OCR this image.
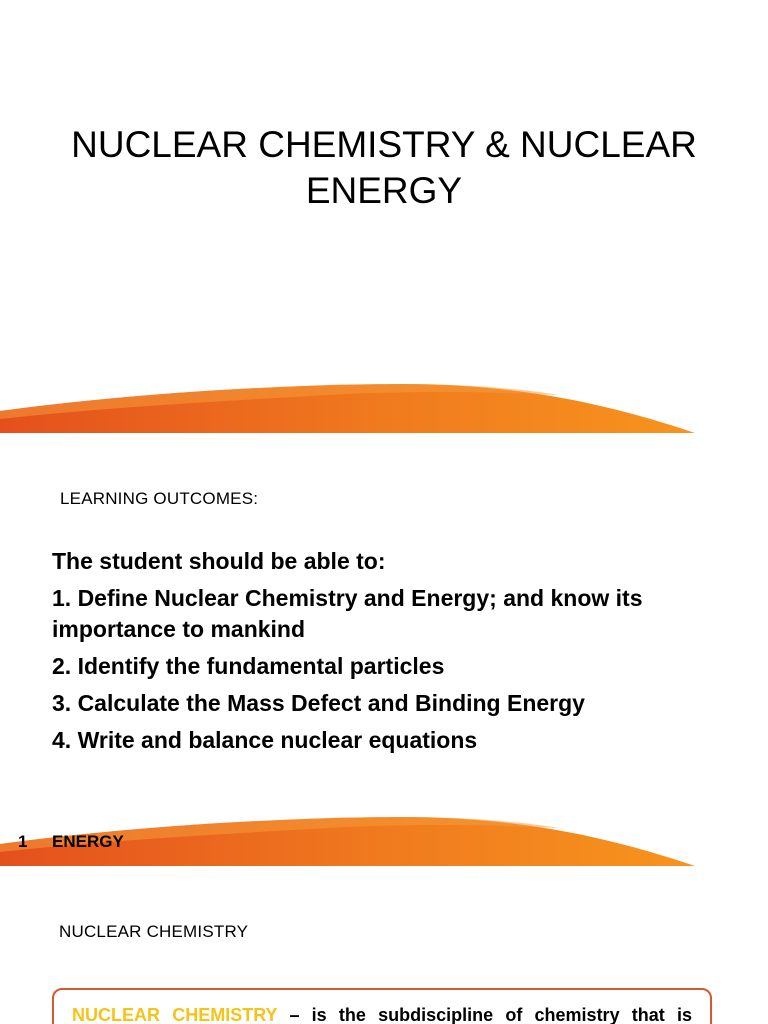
NUCLEAR CHEMISTRY & NUCLEAR
ENERGY
LEARNING OUTCOMES:

The student should be able to:

1. Define Nuclear Chemistry and Energy; and know its importance to mankind

2. Identify the fundamental particles

3. Calculate the Mass Defect and Binding Energy

4. Write and balance nuclear equations

1 ENERGY
NUCLEAR CHEMISTRY
NUCLEAR CHEMISTRY – is the subdiscipline of chemistry that is
